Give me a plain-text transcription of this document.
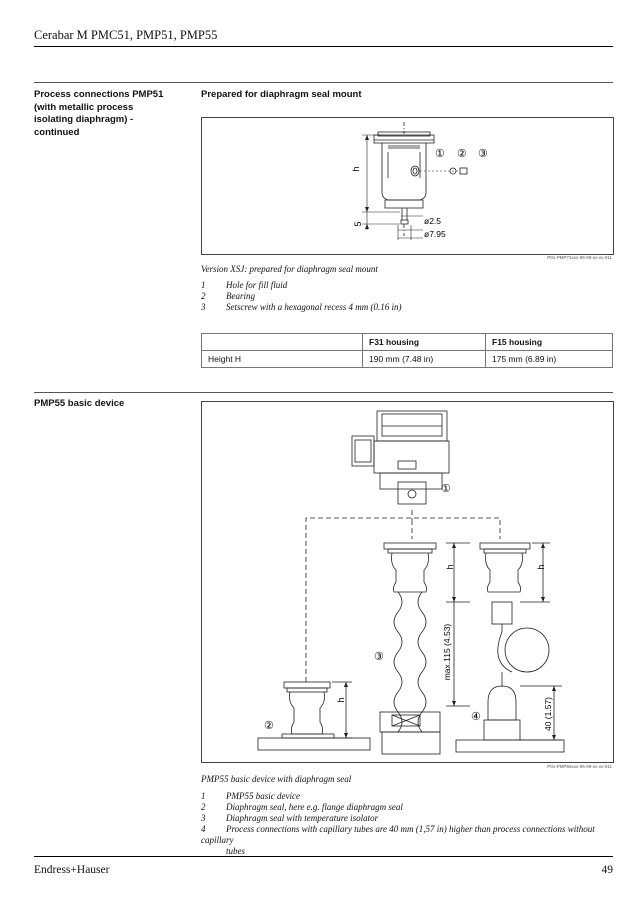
Cerabar M PMC51, PMP51, PMP55
Process connections PMP51
(with metallic process
isolating diaphragm) -
continued
Prepared for diaphragm seal mount
h
5	ø2.5
ø7.95
① ② ③
P01-PMP71xxx-06-09-xx-xx-011
Version XSJ: prepared for diaphragm seal mount
1 Hole for fill fluid
2 Bearing
3 Setscrew with a hexagonal recess 4 mm (0.16 in)
	F31 housing	F15 housing
Height H	190 mm (7.48 in)	175 mm (6.89 in)
PMP55 basic device
h	h
h
max.115 (4.53)
40 (1.57)
①
②
③
④
P01-PMP55xxx-06-09-xx-xx-011
PMP55 basic device with diaphragm seal
1 PMP55 basic device
2 Diaphragm seal, here e.g. flange diaphragm seal
3 Diaphragm seal with temperature isolator
4 Process connections with capillary tubes are 40 mm (1,57 in) higher than process connections without capillary
tubes
Endress+Hauser	49
